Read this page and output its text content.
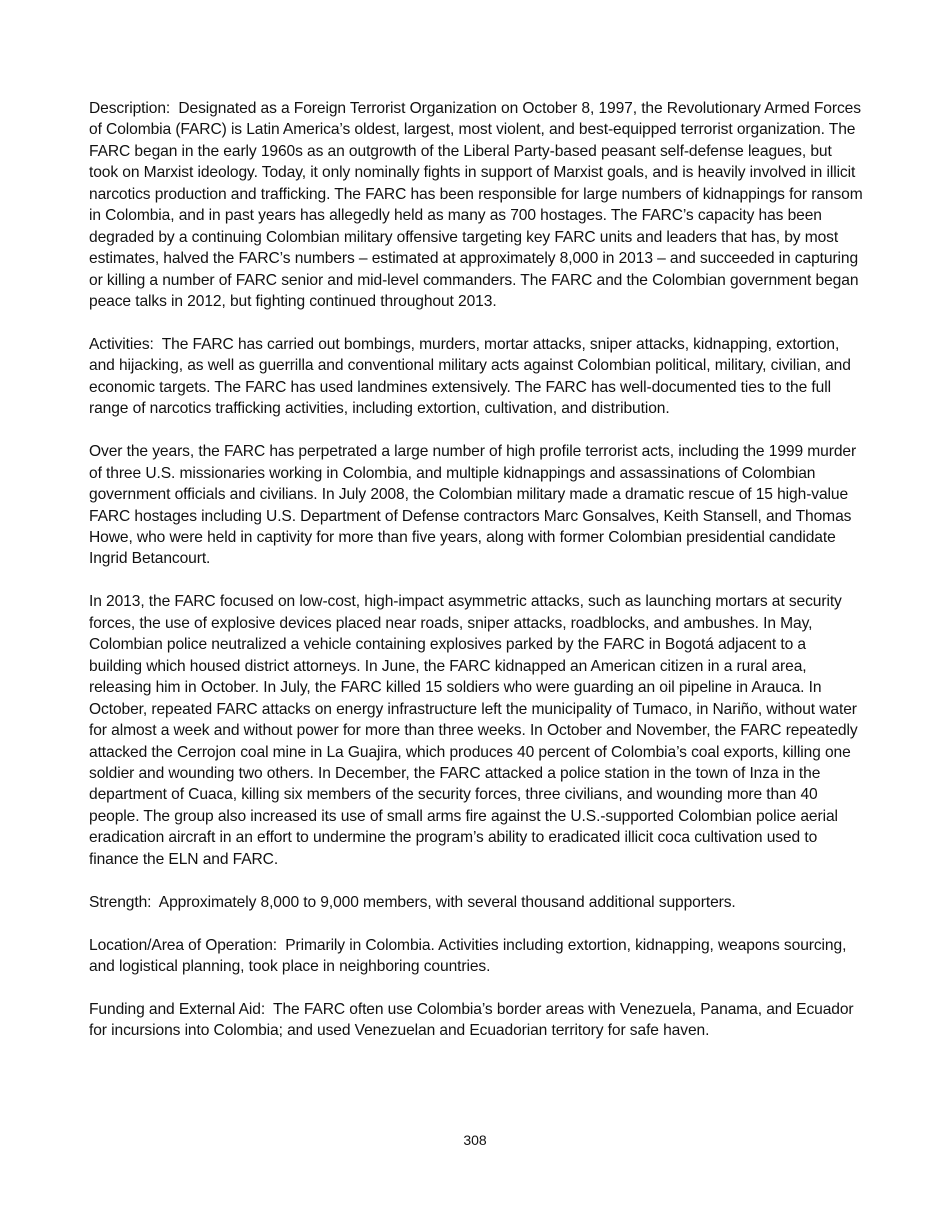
Description: Designated as a Foreign Terrorist Organization on October 8, 1997, the Revolutionary Armed Forces of Colombia (FARC) is Latin America’s oldest, largest, most violent, and best-equipped terrorist organization. The FARC began in the early 1960s as an outgrowth of the Liberal Party-based peasant self-defense leagues, but took on Marxist ideology. Today, it only nominally fights in support of Marxist goals, and is heavily involved in illicit narcotics production and trafficking. The FARC has been responsible for large numbers of kidnappings for ransom in Colombia, and in past years has allegedly held as many as 700 hostages. The FARC’s capacity has been degraded by a continuing Colombian military offensive targeting key FARC units and leaders that has, by most estimates, halved the FARC’s numbers – estimated at approximately 8,000 in 2013 – and succeeded in capturing or killing a number of FARC senior and mid-level commanders. The FARC and the Colombian government began peace talks in 2012, but fighting continued throughout 2013.

Activities: The FARC has carried out bombings, murders, mortar attacks, sniper attacks, kidnapping, extortion, and hijacking, as well as guerrilla and conventional military acts against Colombian political, military, civilian, and economic targets. The FARC has used landmines extensively. The FARC has well-documented ties to the full range of narcotics trafficking activities, including extortion, cultivation, and distribution.

Over the years, the FARC has perpetrated a large number of high profile terrorist acts, including the 1999 murder of three U.S. missionaries working in Colombia, and multiple kidnappings and assassinations of Colombian government officials and civilians. In July 2008, the Colombian military made a dramatic rescue of 15 high-value FARC hostages including U.S. Department of Defense contractors Marc Gonsalves, Keith Stansell, and Thomas Howe, who were held in captivity for more than five years, along with former Colombian presidential candidate Ingrid Betancourt.

In 2013, the FARC focused on low-cost, high-impact asymmetric attacks, such as launching mortars at security forces, the use of explosive devices placed near roads, sniper attacks, roadblocks, and ambushes. In May, Colombian police neutralized a vehicle containing explosives parked by the FARC in Bogotá adjacent to a building which housed district attorneys. In June, the FARC kidnapped an American citizen in a rural area, releasing him in October. In July, the FARC killed 15 soldiers who were guarding an oil pipeline in Arauca. In October, repeated FARC attacks on energy infrastructure left the municipality of Tumaco, in Nariño, without water for almost a week and without power for more than three weeks. In October and November, the FARC repeatedly attacked the Cerrojon coal mine in La Guajira, which produces 40 percent of Colombia’s coal exports, killing one soldier and wounding two others. In December, the FARC attacked a police station in the town of Inza in the department of Cuaca, killing six members of the security forces, three civilians, and wounding more than 40 people. The group also increased its use of small arms fire against the U.S.-supported Colombian police aerial eradication aircraft in an effort to undermine the program’s ability to eradicated illicit coca cultivation used to finance the ELN and FARC.

Strength: Approximately 8,000 to 9,000 members, with several thousand additional supporters.

Location/Area of Operation: Primarily in Colombia. Activities including extortion, kidnapping, weapons sourcing, and logistical planning, took place in neighboring countries.

Funding and External Aid: The FARC often use Colombia’s border areas with Venezuela, Panama, and Ecuador for incursions into Colombia; and used Venezuelan and Ecuadorian territory for safe haven.

308
